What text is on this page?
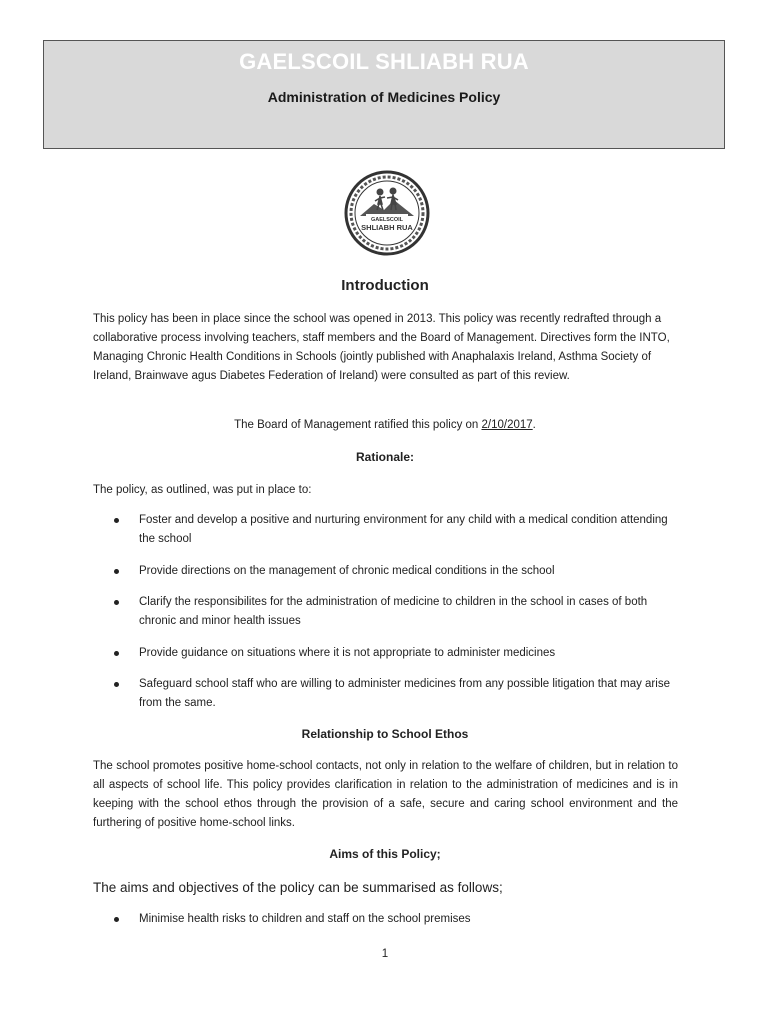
GAELSCOIL SHLIABH RUA
Administration of Medicines Policy
GAELSCOIL
SHLIABH RUA
Introduction
This policy has been in place since the school was opened in 2013. This policy was recently redrafted through a collaborative process involving teachers, staff members and the Board of Management. Directives form the INTO, Managing Chronic Health Conditions in Schools (jointly published with Anaphalaxis Ireland, Asthma Society of Ireland, Brainwave agus Diabetes Federation of Ireland) were consulted as part of this review.
The Board of Management ratified this policy on 2/10/2017.
Rationale:
The policy, as outlined, was put in place to:
Foster and develop a positive and nurturing environment for any child with a medical condition attending the school
Provide directions on the management of chronic medical conditions in the school
Clarify the responsibilites for the administration of medicine to children in the school in cases of both chronic and minor health issues
Provide guidance on situations where it is not appropriate to administer medicines
Safeguard school staff who are willing to administer medicines from any possible litigation that may arise from the same.
Relationship to School Ethos
The school promotes positive home-school contacts, not only in relation to the welfare of children, but in relation to all aspects of school life. This policy provides clarification in relation to the administration of medicines and is in keeping with the school ethos through the provision of a safe, secure and caring school environment and the furthering of positive home-school links.
Aims of this Policy;
The aims and objectives of the policy can be summarised as follows;
Minimise health risks to children and staff on the school premises
1
